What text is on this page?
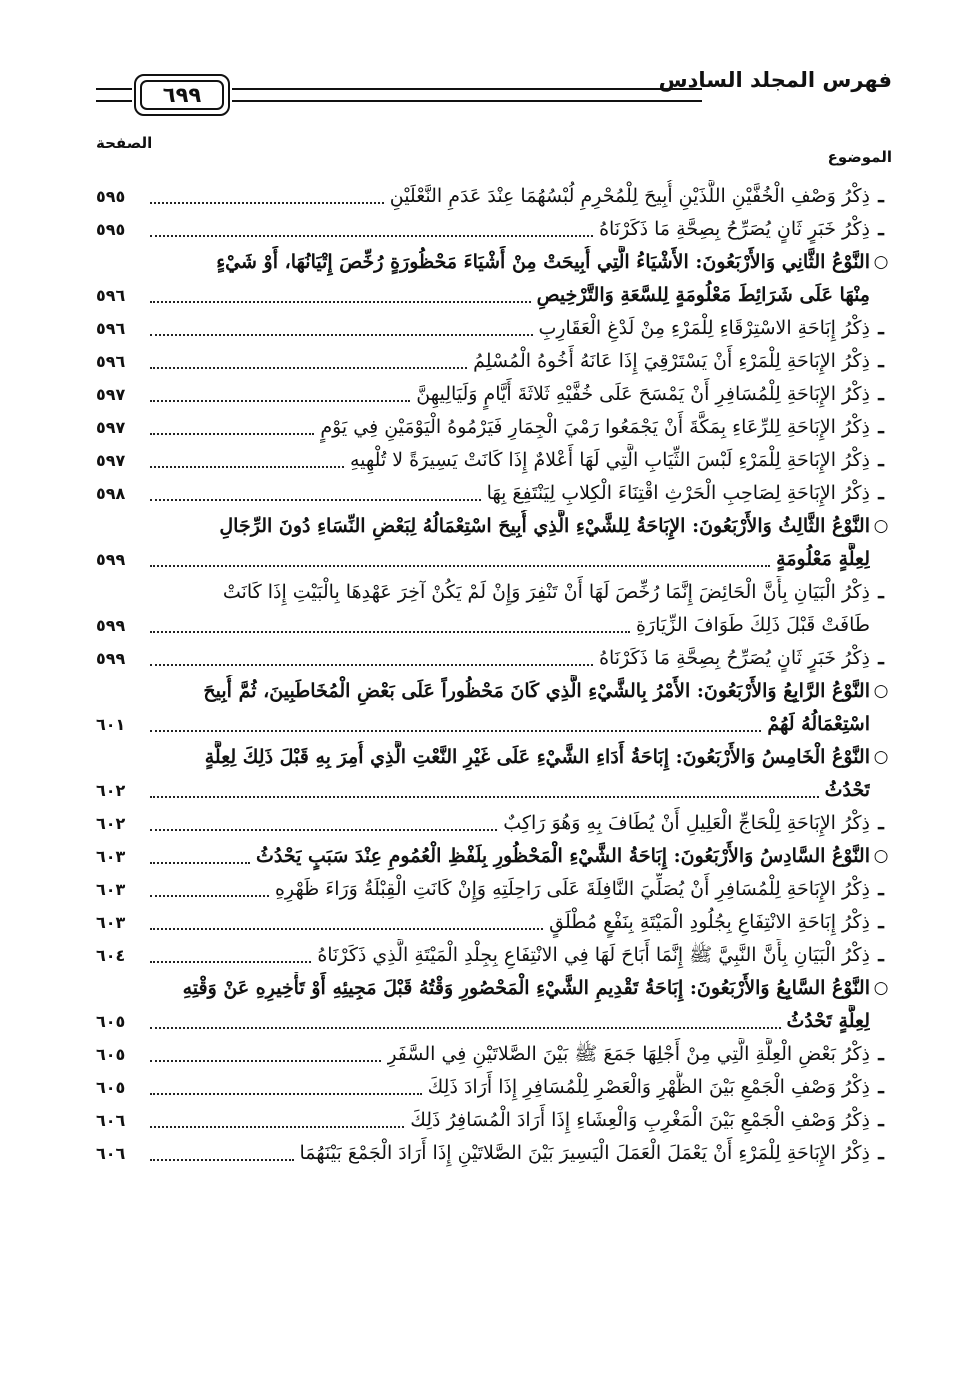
فهرس المجلد السادس
٦٩٩
الموضوع
الصفحة
ـ
ذِكْرُ وَصْفِ الْخُفَّيْنِ اللَّذَيْنِ أُبِيحَ لِلْمُحْرِمِ لُبْسُهُمَا عِنْدَ عَدَمِ النَّعْلَيْنِ
٥٩٥
ـ
ذِكْرُ خَبَرٍ ثَانٍ يُصَرِّحُ بِصِحَّةِ مَا ذَكَرْنَاهُ
٥٩٥
○
النَّوْعُ الثَّانِي وَالأَرْبَعُونَ: الأَشْيَاءُ الَّتِي أُبِيحَتْ مِنْ أَشْيَاءَ مَحْظُورَةٍ رُخِّصَ إِتْيَانُهَا، أَوْ شَيْءٍ
مِنْهَا عَلَى شَرَائِطَ مَعْلُومَةٍ لِلسَّعَةِ وَالتَّرْخِيصِ
٥٩٦
ـ
ذِكْرُ إِبَاحَةِ الاسْتِرْقَاءِ لِلْمَرْءِ مِنْ لَدْغِ الْعَقَارِبِ
٥٩٦
ـ
ذِكْرُ الإِبَاحَةِ لِلْمَرْءِ أَنْ يَسْتَرْقِيَ إِذَا عَانَهُ أَخُوهُ الْمُسْلِمُ
٥٩٦
ـ
ذِكْرُ الإِبَاحَةِ لِلْمُسَافِرِ أَنْ يَمْسَحَ عَلَى خُفَّيْهِ ثَلاثَةَ أَيَّامٍ وَلَيَالِيهِنَّ
٥٩٧
ـ
ذِكْرُ الإِبَاحَةِ لِلرِّعَاءِ بِمَكَّةَ أَنْ يَجْمَعُوا رَمْيَ الْجِمَارِ فَيَرْمُوهُ الْيَوْمَيْنِ فِي يَوْمٍ
٥٩٧
ـ
ذِكْرُ الإِبَاحَةِ لِلْمَرْءِ لَبْسَ الثِّيَابِ الَّتِي لَهَا أَعْلامٌ إِذَا كَانَتْ يَسِيرَةً لا تُلْهِيهِ
٥٩٧
ـ
ذِكْرُ الإِبَاحَةِ لِصَاحِبِ الْحَرْثِ اقْتِنَاءَ الْكِلابِ لِيَنْتَفِعَ بِهَا
٥٩٨
○
النَّوْعُ الثَّالِثُ وَالأَرْبَعُونَ: الإِبَاحَةُ لِلشَّيْءِ الَّذِي أُبِيحَ اسْتِعْمَالُهُ لِبَعْضِ النِّسَاءِ دُونَ الرِّجَالِ
لِعِلَّةٍ مَعْلُومَةٍ
٥٩٩
ـ
ذِكْرُ الْبَيَانِ بِأَنَّ الْحَائِضَ إِنَّمَا رُخِّصَ لَهَا أَنْ تَنْفِرَ وَإِنْ لَمْ يَكُنْ آخِرَ عَهْدِهَا بِالْبَيْتِ إِذَا كَانَتْ
طَافَتْ قَبْلَ ذَلِكَ طَوَافَ الزِّيَارَةِ
٥٩٩
ـ
ذِكْرُ خَبَرٍ ثَانٍ يُصَرِّحُ بِصِحَّةِ مَا ذَكَرْنَاهُ
٥٩٩
○
النَّوْعُ الرَّابِعُ وَالأَرْبَعُونَ: الأَمْرُ بِالشَّيْءِ الَّذِي كَانَ مَحْظُوراً عَلَى بَعْضِ الْمُخَاطَبِينَ، ثُمَّ أُبِيحَ
اسْتِعْمَالُهُ لَهُمْ
٦٠١
○
النَّوْعُ الْخَامِسُ وَالأَرْبَعُونَ: إِبَاحَةُ أَدَاءِ الشَّيْءِ عَلَى غَيْرِ النَّعْتِ الَّذِي أُمِرَ بِهِ قَبْلَ ذَلِكَ لِعِلَّةٍ
تَحْدُثُ
٦٠٢
ـ
ذِكْرُ الإِبَاحَةِ لِلْحَاجِّ الْعَلِيلِ أَنْ يُطَافَ بِهِ وَهُوَ رَاكِبٌ
٦٠٢
○
النَّوْعُ السَّادِسُ وَالأَرْبَعُونَ: إِبَاحَةُ الشَّيْءِ الْمَحْظُورِ بِلَفْظِ الْعُمُومِ عِنْدَ سَبَبٍ يَحْدُثُ
٦٠٣
ـ
ذِكْرُ الإِبَاحَةِ لِلْمُسَافِرِ أَنْ يُصَلِّيَ النَّافِلَةَ عَلَى رَاحِلَتِهِ وَإِنْ كَانَتِ الْقِبْلَةُ وَرَاءَ ظَهْرِهِ
٦٠٣
ـ
ذِكْرُ إِبَاحَةِ الانْتِفَاعِ بِجُلُودِ الْمَيْتَةِ بِنَفْعٍ مُطْلَقٍ
٦٠٣
ـ
ذِكْرُ الْبَيَانِ بِأَنَّ النَّبِيَّ ﷺ إِنَّمَا أَبَاحَ لَهَا فِي الانْتِفَاعِ بِجِلْدِ الْمَيْتَةِ الَّذِي ذَكَرْنَاهُ
٦٠٤
○
النَّوْعُ السَّابِعُ وَالأَرْبَعُونَ: إِبَاحَةُ تَقْدِيمِ الشَّيْءِ الْمَحْصُورِ وَقْتُهُ قَبْلَ مَجِيئِهِ أَوْ تَأْخِيرِهِ عَنْ وَقْتِهِ
لِعِلَّةٍ تَحْدُثُ
٦٠٥
ـ
ذِكْرُ بَعْضِ الْعِلَّةِ الَّتِي مِنْ أَجْلِهَا جَمَعَ ﷺ بَيْنَ الصَّلاتَيْنِ فِي السَّفَرِ
٦٠٥
ـ
ذِكْرُ وَصْفِ الْجَمْعِ بَيْنَ الظُّهْرِ وَالْعَصْرِ لِلْمُسَافِرِ إِذَا أَرَادَ ذَلِكَ
٦٠٥
ـ
ذِكْرُ وَصْفِ الْجَمْعِ بَيْنَ الْمَغْرِبِ وَالْعِشَاءِ إِذَا أَرَادَ الْمُسَافِرُ ذَلِكَ
٦٠٦
ـ
ذِكْرُ الإِبَاحَةِ لِلْمَرْءِ أَنْ يَعْمَلَ الْعَمَلَ الْيَسِيرَ بَيْنَ الصَّلاتَيْنِ إِذَا أَرَادَ الْجَمْعَ بَيْنَهُمَا
٦٠٦
